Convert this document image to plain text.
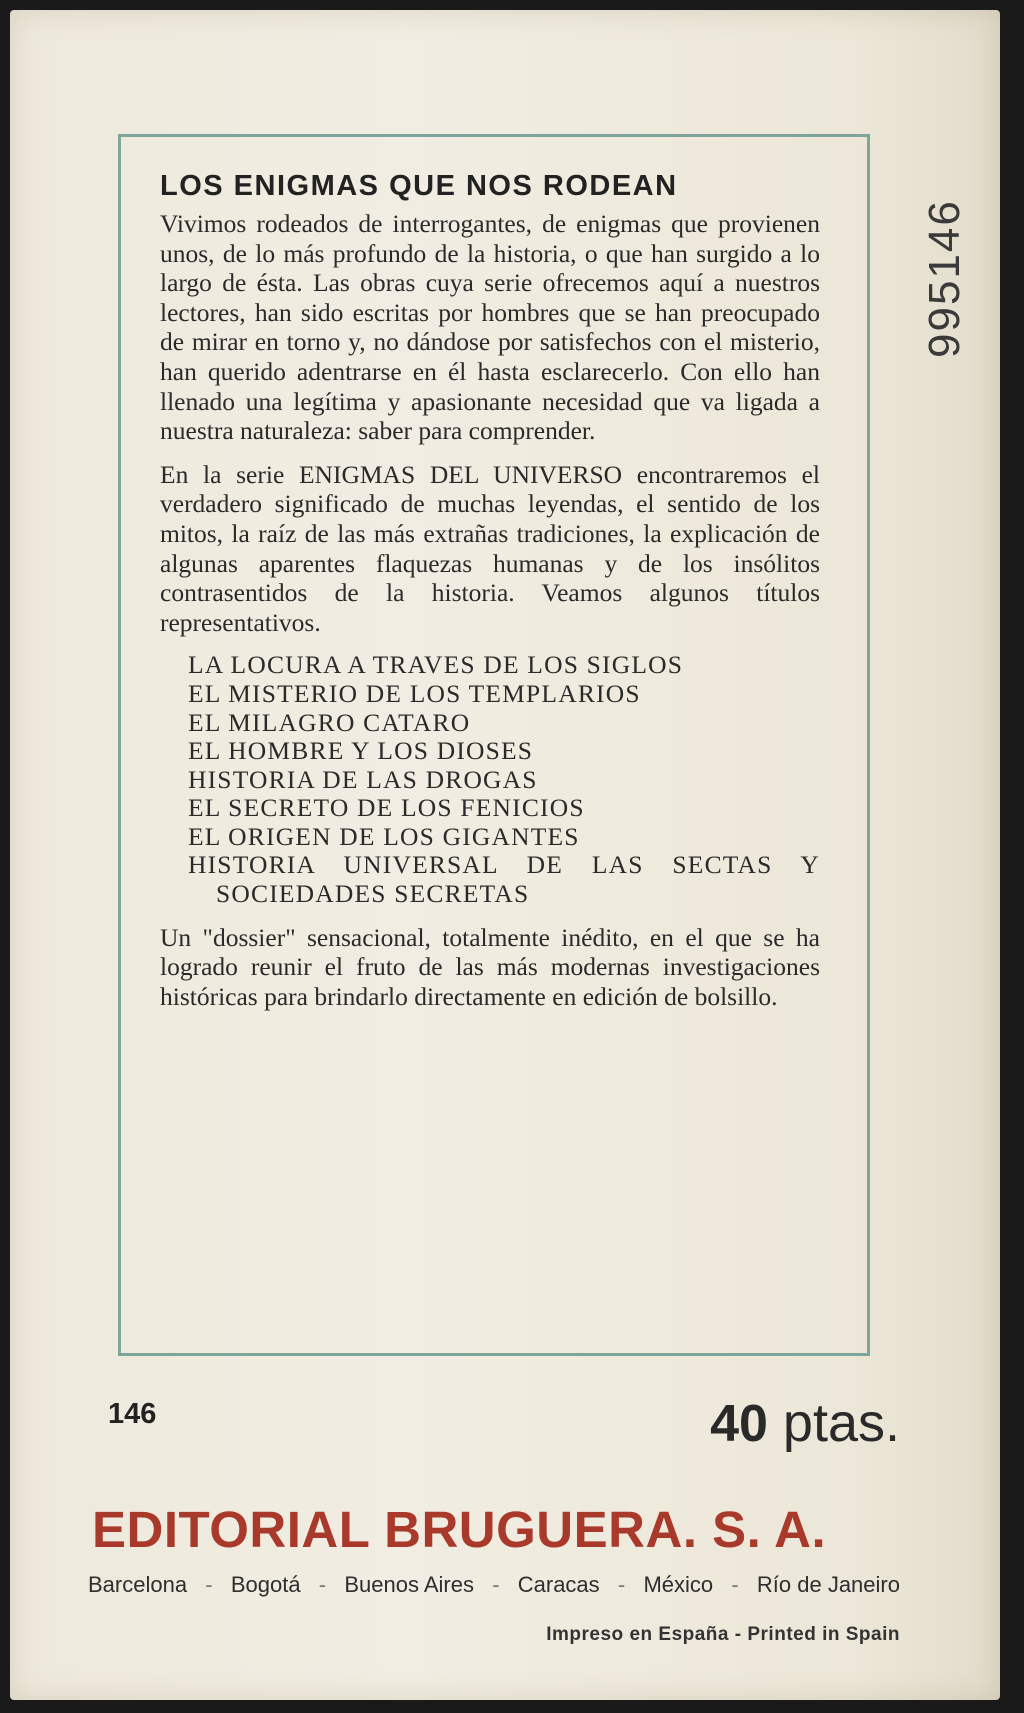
995146
LOS ENIGMAS QUE NOS RODEAN

Vivimos rodeados de interrogantes, de enigmas que provienen unos, de lo más profundo de la historia, o que han surgido a lo largo de ésta. Las obras cuya serie ofrecemos aquí a nuestros lectores, han sido escritas por hombres que se han preocupado de mirar en torno y, no dándose por satisfechos con el misterio, han querido adentrarse en él hasta esclarecerlo. Con ello han llenado una legítima y apasionante necesidad que va ligada a nuestra naturaleza: saber para comprender.

En la serie ENIGMAS DEL UNIVERSO encontraremos el verdadero significado de muchas leyendas, el sentido de los mitos, la raíz de las más extrañas tradiciones, la explicación de algunas aparentes flaquezas humanas y de los insólitos contrasentidos de la historia. Veamos algunos títulos representativos.

LA LOCURA A TRAVES DE LOS SIGLOS
EL MISTERIO DE LOS TEMPLARIOS
EL MILAGRO CATARO
EL HOMBRE Y LOS DIOSES
HISTORIA DE LAS DROGAS
EL SECRETO DE LOS FENICIOS
EL ORIGEN DE LOS GIGANTES
HISTORIA UNIVERSAL DE LAS SECTAS Y SOCIEDADES SECRETAS

Un "dossier" sensacional, totalmente inédito, en el que se ha logrado reunir el fruto de las más modernas investigaciones históricas para brindarlo directamente en edición de bolsillo.

146	40 ptas.
EDITORIAL BRUGUERA. S. A.
Barcelona - Bogotá - Buenos Aires - Caracas - México - Río de Janeiro
Impreso en España - Printed in Spain
